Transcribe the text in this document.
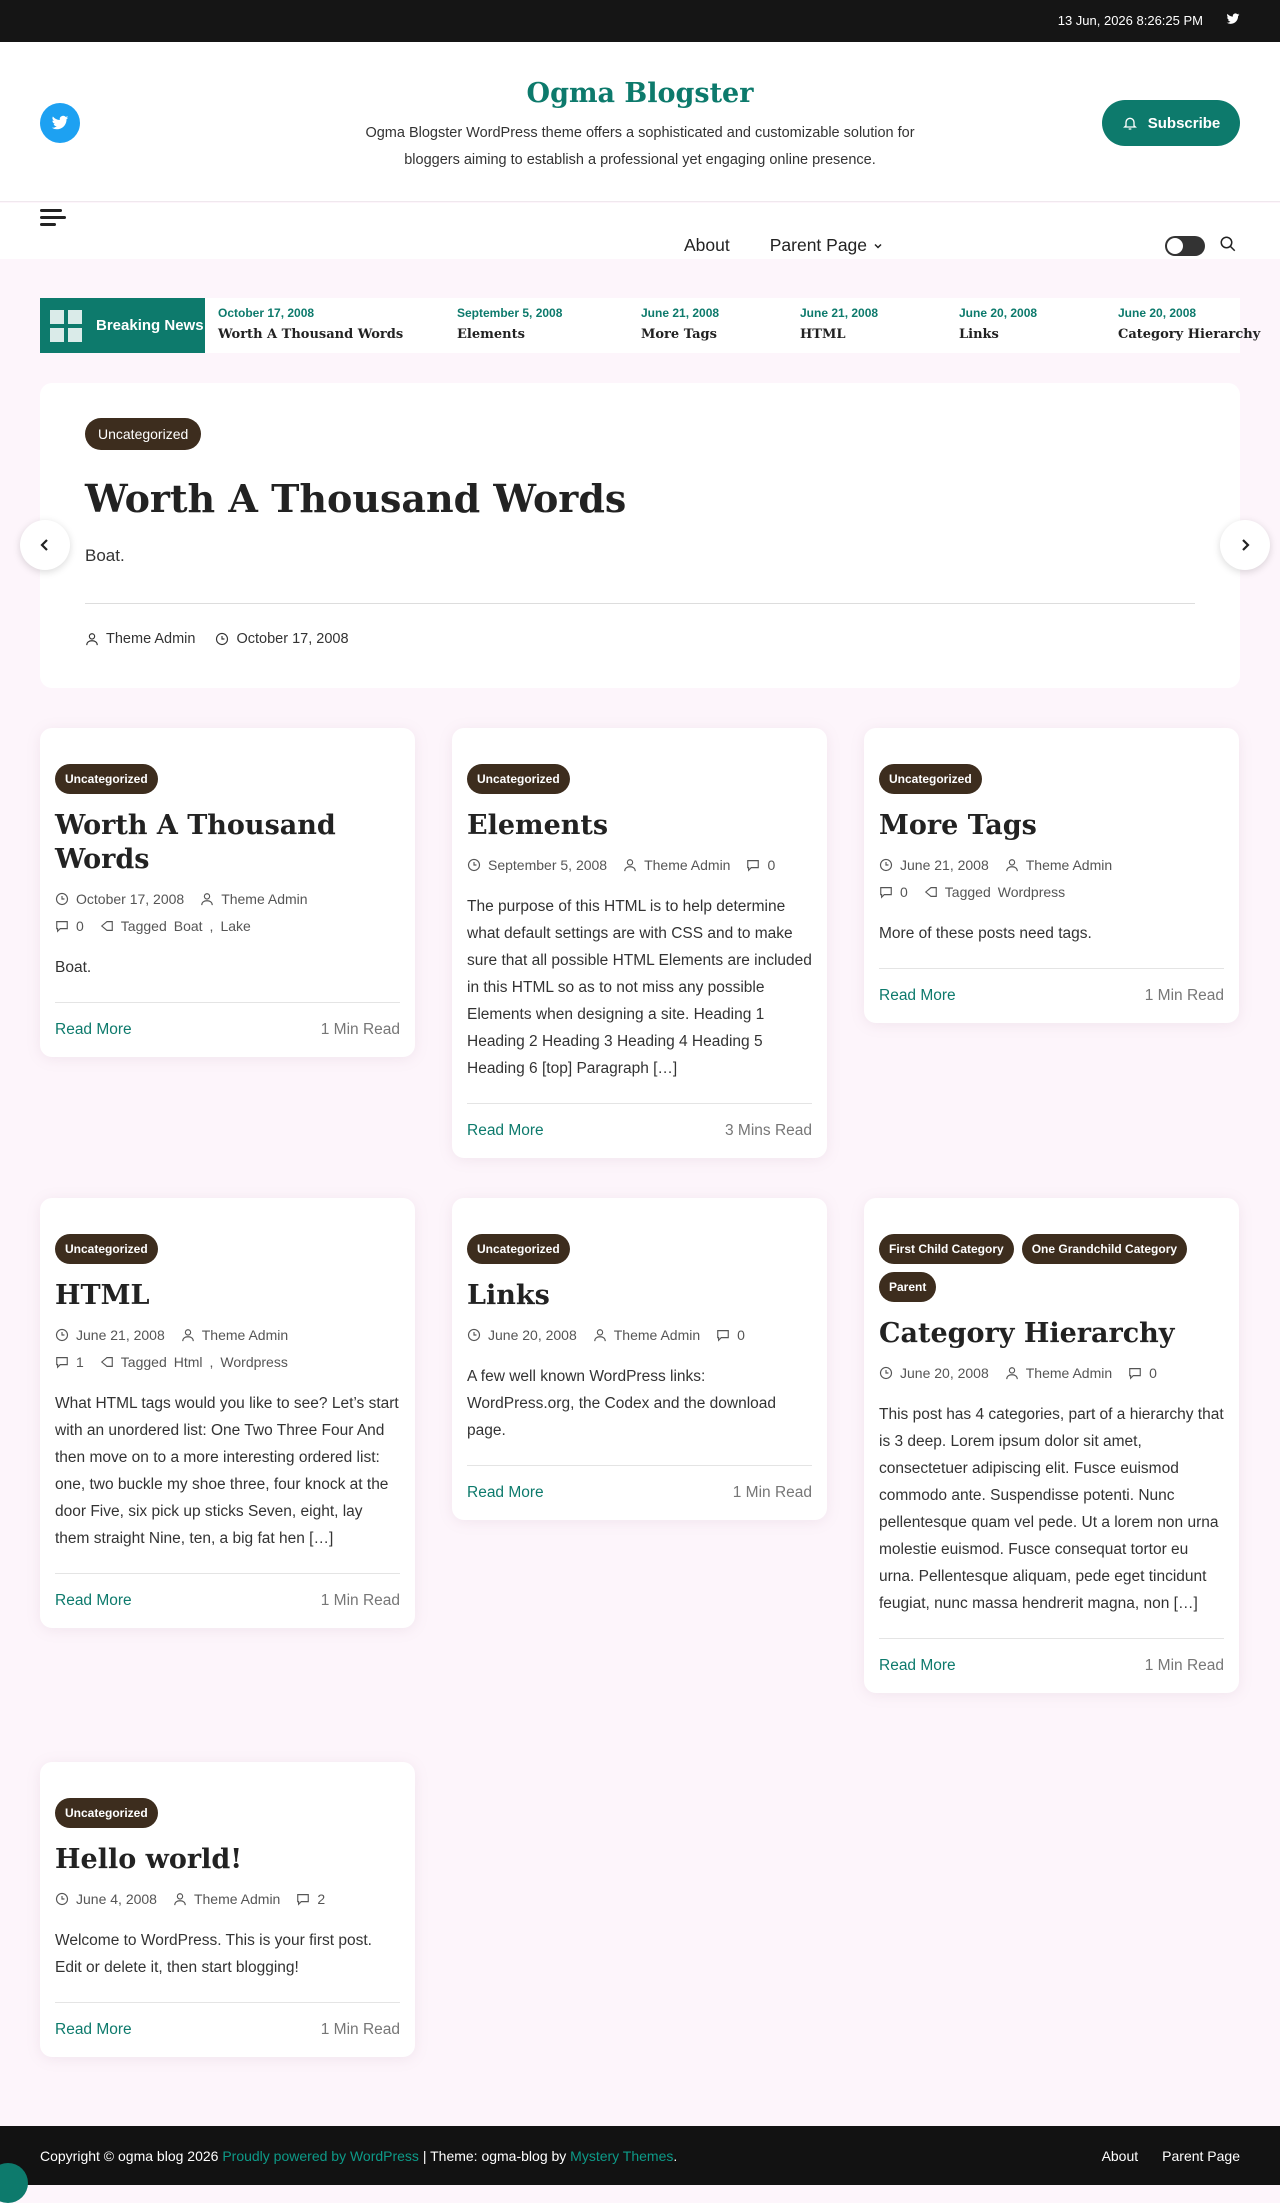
13 Jun, 2026 8:26:25 PM
Ogma Blogster
Ogma Blogster WordPress theme offers a sophisticated and customizable solution for bloggers aiming to establish a professional yet engaging online presence.
Subscribe
About Parent Page
Breaking News
October 17, 2008
Worth A Thousand Words
September 5, 2008
Elements
June 21, 2008
More Tags
June 21, 2008
HTML
June 20, 2008
Links
June 20, 2008
Category Hierarchy
Uncategorized
Worth A Thousand Words
Boat.
Theme Admin	October 17, 2008
Uncategorized
Worth A Thousand Words
October 17, 2008	Theme Admin
0	Tagged Boat , Lake
Boat.
Read More	1 Min Read
Uncategorized
Elements
September 5, 2008	Theme Admin	0
The purpose of this HTML is to help determine what default settings are with CSS and to make sure that all possible HTML Elements are included in this HTML so as to not miss any possible Elements when designing a site. Heading 1 Heading 2 Heading 3 Heading 4 Heading 5 Heading 6 [top] Paragraph […]
Read More	3 Mins Read
Uncategorized
More Tags
June 21, 2008	Theme Admin
0	Tagged Wordpress
More of these posts need tags.
Read More	1 Min Read
Uncategorized
HTML
June 21, 2008	Theme Admin
1	Tagged Html , Wordpress
What HTML tags would you like to see? Let’s start with an unordered list: One Two Three Four And then move on to a more interesting ordered list: one, two buckle my shoe three, four knock at the door Five, six pick up sticks Seven, eight, lay them straight Nine, ten, a big fat hen […]
Read More	1 Min Read
Uncategorized
Links
June 20, 2008	Theme Admin	0
A few well known WordPress links: WordPress.org, the Codex and the download page.
Read More	1 Min Read
First Child Category	One Grandchild Category
Parent
Category Hierarchy
June 20, 2008	Theme Admin	0
This post has 4 categories, part of a hierarchy that is 3 deep. Lorem ipsum dolor sit amet, consectetuer adipiscing elit. Fusce euismod commodo ante. Suspendisse potenti. Nunc pellentesque quam vel pede. Ut a lorem non urna molestie euismod. Fusce consequat tortor eu urna. Pellentesque aliquam, pede eget tincidunt feugiat, nunc massa hendrerit magna, non […]
Read More	1 Min Read
Uncategorized
Hello world!
June 4, 2008	Theme Admin	2
Welcome to WordPress. This is your first post. Edit or delete it, then start blogging!
Read More	1 Min Read
Copyright © ogma blog 2026 Proudly powered by WordPress | Theme: ogma-blog by Mystery Themes.	About Parent Page
